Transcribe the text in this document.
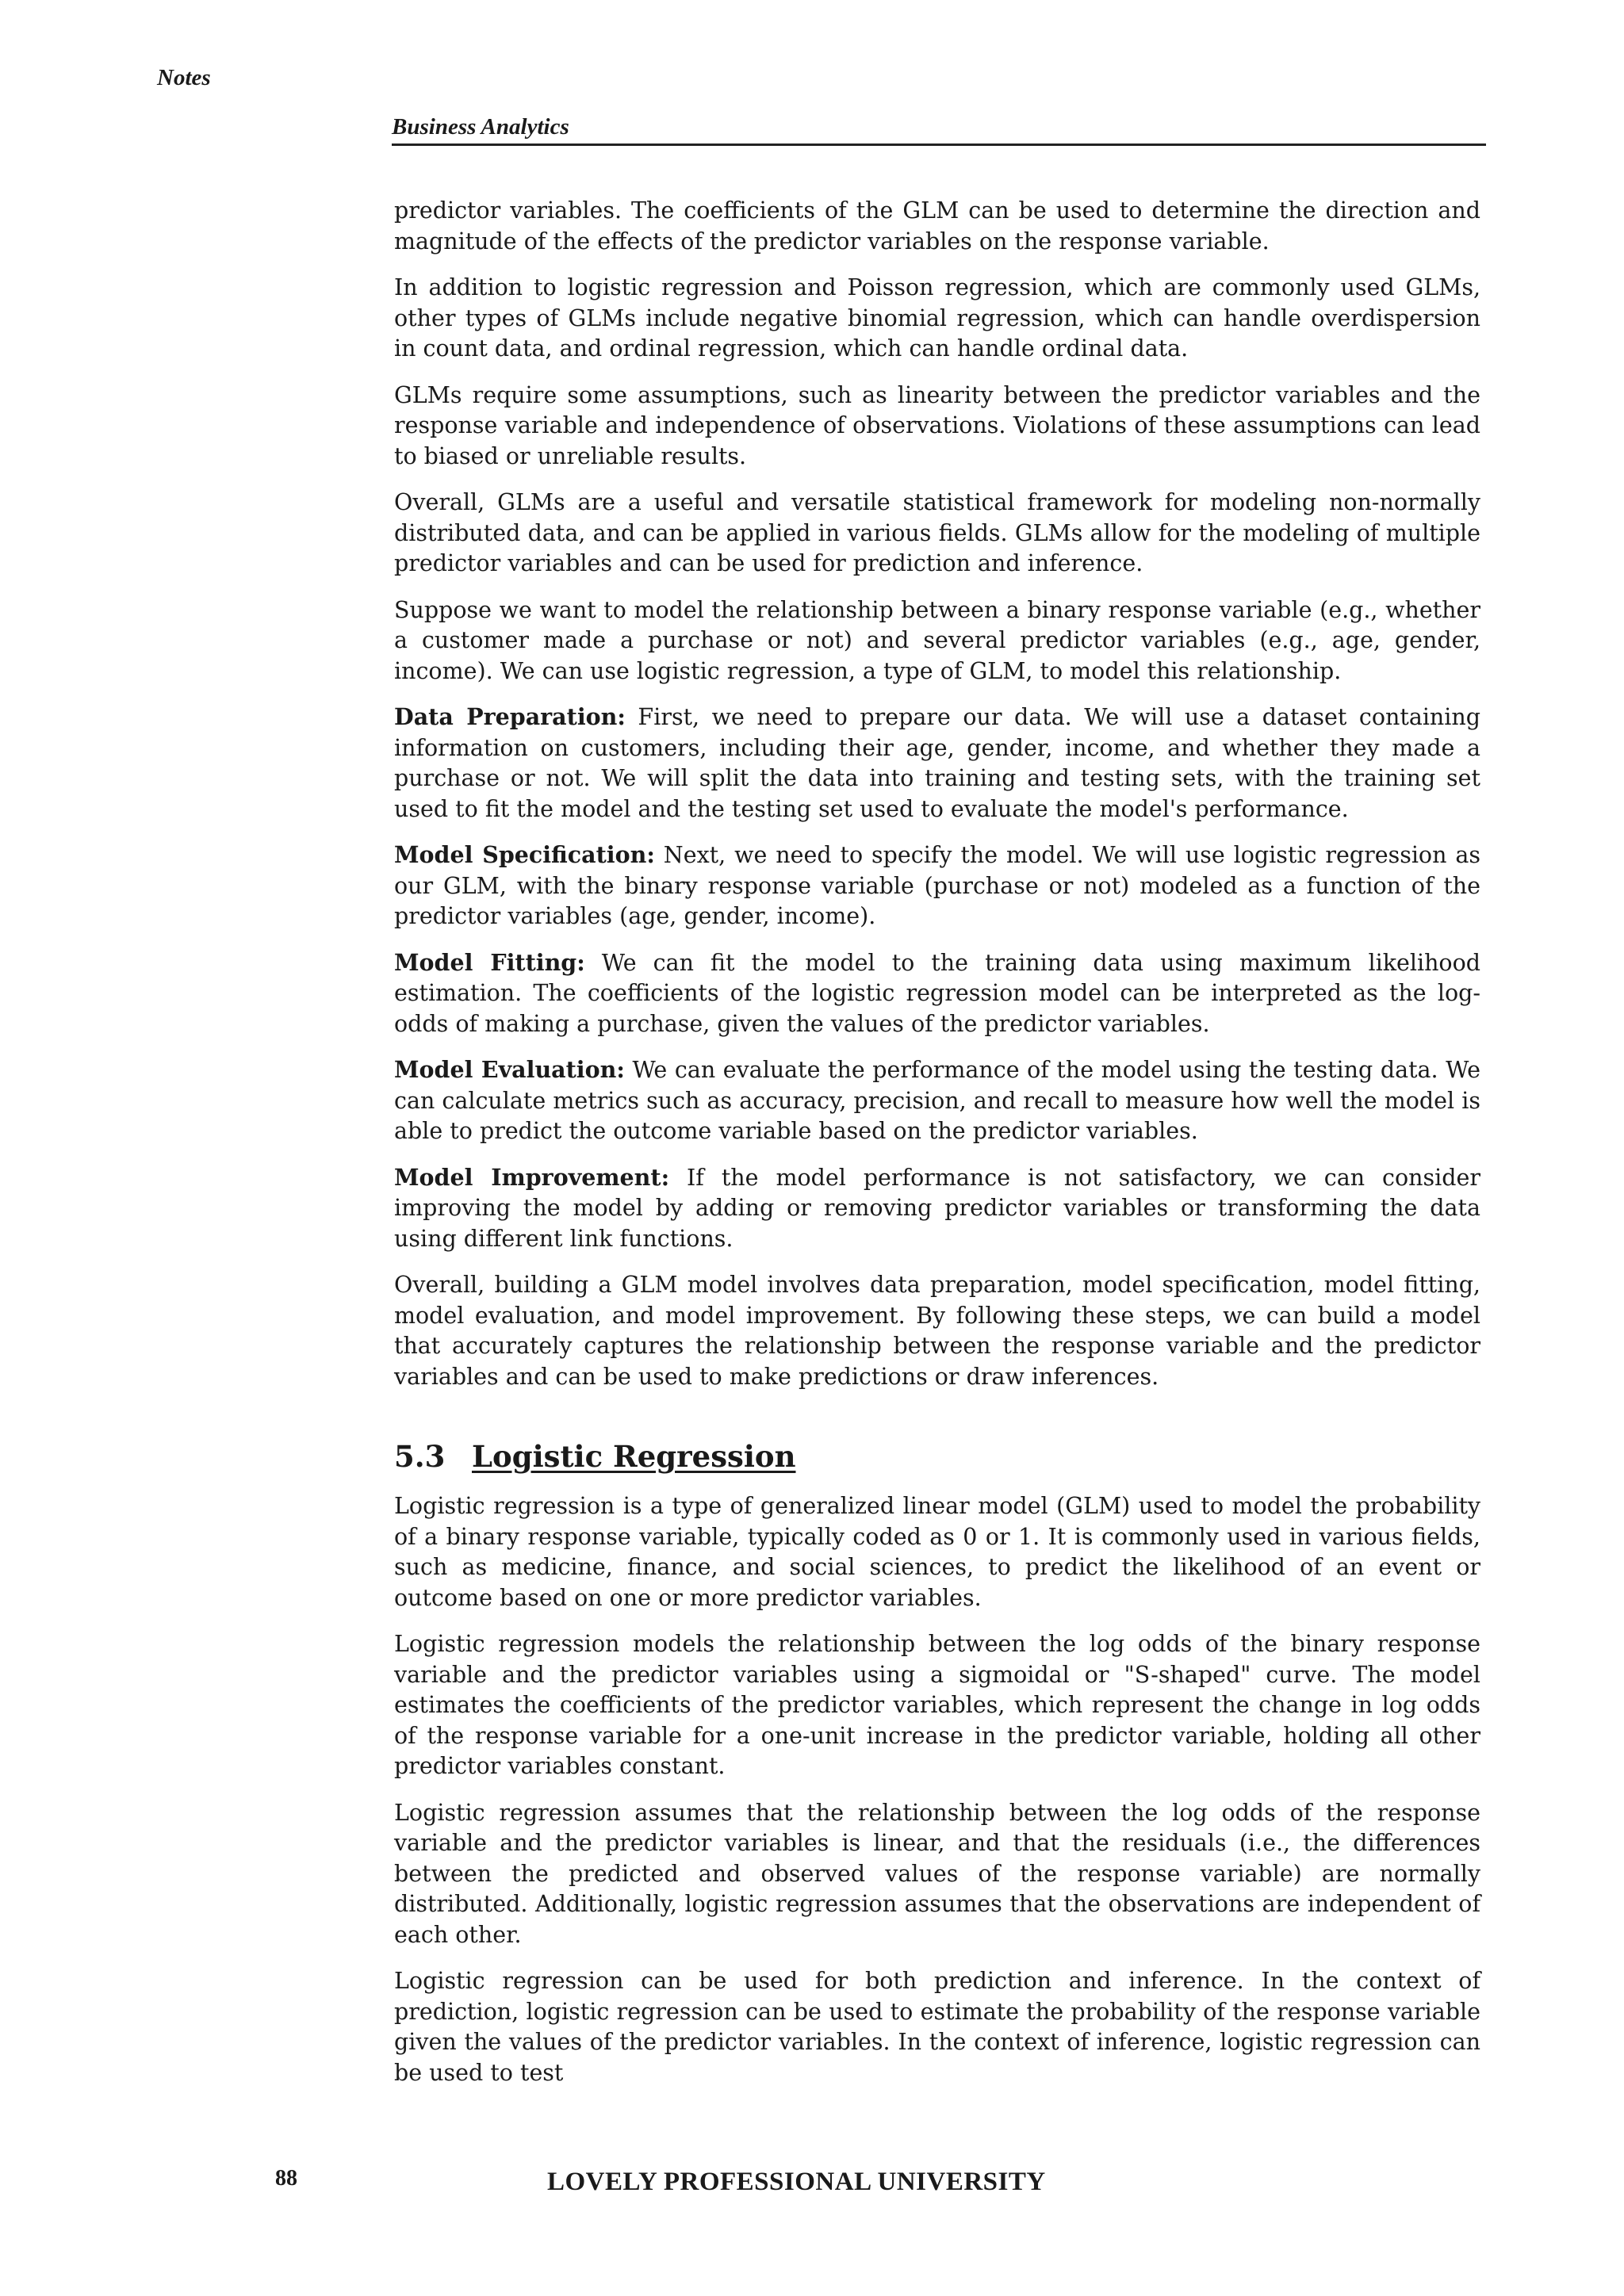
Notes
Business Analytics

predictor variables. The coefficients of the GLM can be used to determine the direction and magnitude of the effects of the predictor variables on the response variable.

In addition to logistic regression and Poisson regression, which are commonly used GLMs, other types of GLMs include negative binomial regression, which can handle overdispersion in count data, and ordinal regression, which can handle ordinal data.

GLMs require some assumptions, such as linearity between the predictor variables and the response variable and independence of observations. Violations of these assumptions can lead to biased or unreliable results.

Overall, GLMs are a useful and versatile statistical framework for modeling non-normally distributed data, and can be applied in various fields. GLMs allow for the modeling of multiple predictor variables and can be used for prediction and inference.

Suppose we want to model the relationship between a binary response variable (e.g., whether a customer made a purchase or not) and several predictor variables (e.g., age, gender, income). We can use logistic regression, a type of GLM, to model this relationship.

Data Preparation: First, we need to prepare our data. We will use a dataset containing information on customers, including their age, gender, income, and whether they made a purchase or not. We will split the data into training and testing sets, with the training set used to fit the model and the testing set used to evaluate the model's performance.

Model Specification: Next, we need to specify the model. We will use logistic regression as our GLM, with the binary response variable (purchase or not) modeled as a function of the predictor variables (age, gender, income).

Model Fitting: We can fit the model to the training data using maximum likelihood estimation. The coefficients of the logistic regression model can be interpreted as the log-odds of making a purchase, given the values of the predictor variables.

Model Evaluation: We can evaluate the performance of the model using the testing data. We can calculate metrics such as accuracy, precision, and recall to measure how well the model is able to predict the outcome variable based on the predictor variables.

Model Improvement: If the model performance is not satisfactory, we can consider improving the model by adding or removing predictor variables or transforming the data using different link functions.

Overall, building a GLM model involves data preparation, model specification, model fitting, model evaluation, and model improvement. By following these steps, we can build a model that accurately captures the relationship between the response variable and the predictor variables and can be used to make predictions or draw inferences.

5.3 Logistic Regression

Logistic regression is a type of generalized linear model (GLM) used to model the probability of a binary response variable, typically coded as 0 or 1. It is commonly used in various fields, such as medicine, finance, and social sciences, to predict the likelihood of an event or outcome based on one or more predictor variables.

Logistic regression models the relationship between the log odds of the binary response variable and the predictor variables using a sigmoidal or "S-shaped" curve. The model estimates the coefficients of the predictor variables, which represent the change in log odds of the response variable for a one-unit increase in the predictor variable, holding all other predictor variables constant.

Logistic regression assumes that the relationship between the log odds of the response variable and the predictor variables is linear, and that the residuals (i.e., the differences between the predicted and observed values of the response variable) are normally distributed. Additionally, logistic regression assumes that the observations are independent of each other.

Logistic regression can be used for both prediction and inference. In the context of prediction, logistic regression can be used to estimate the probability of the response variable given the values of the predictor variables. In the context of inference, logistic regression can be used to test

88	LOVELY PROFESSIONAL UNIVERSITY
